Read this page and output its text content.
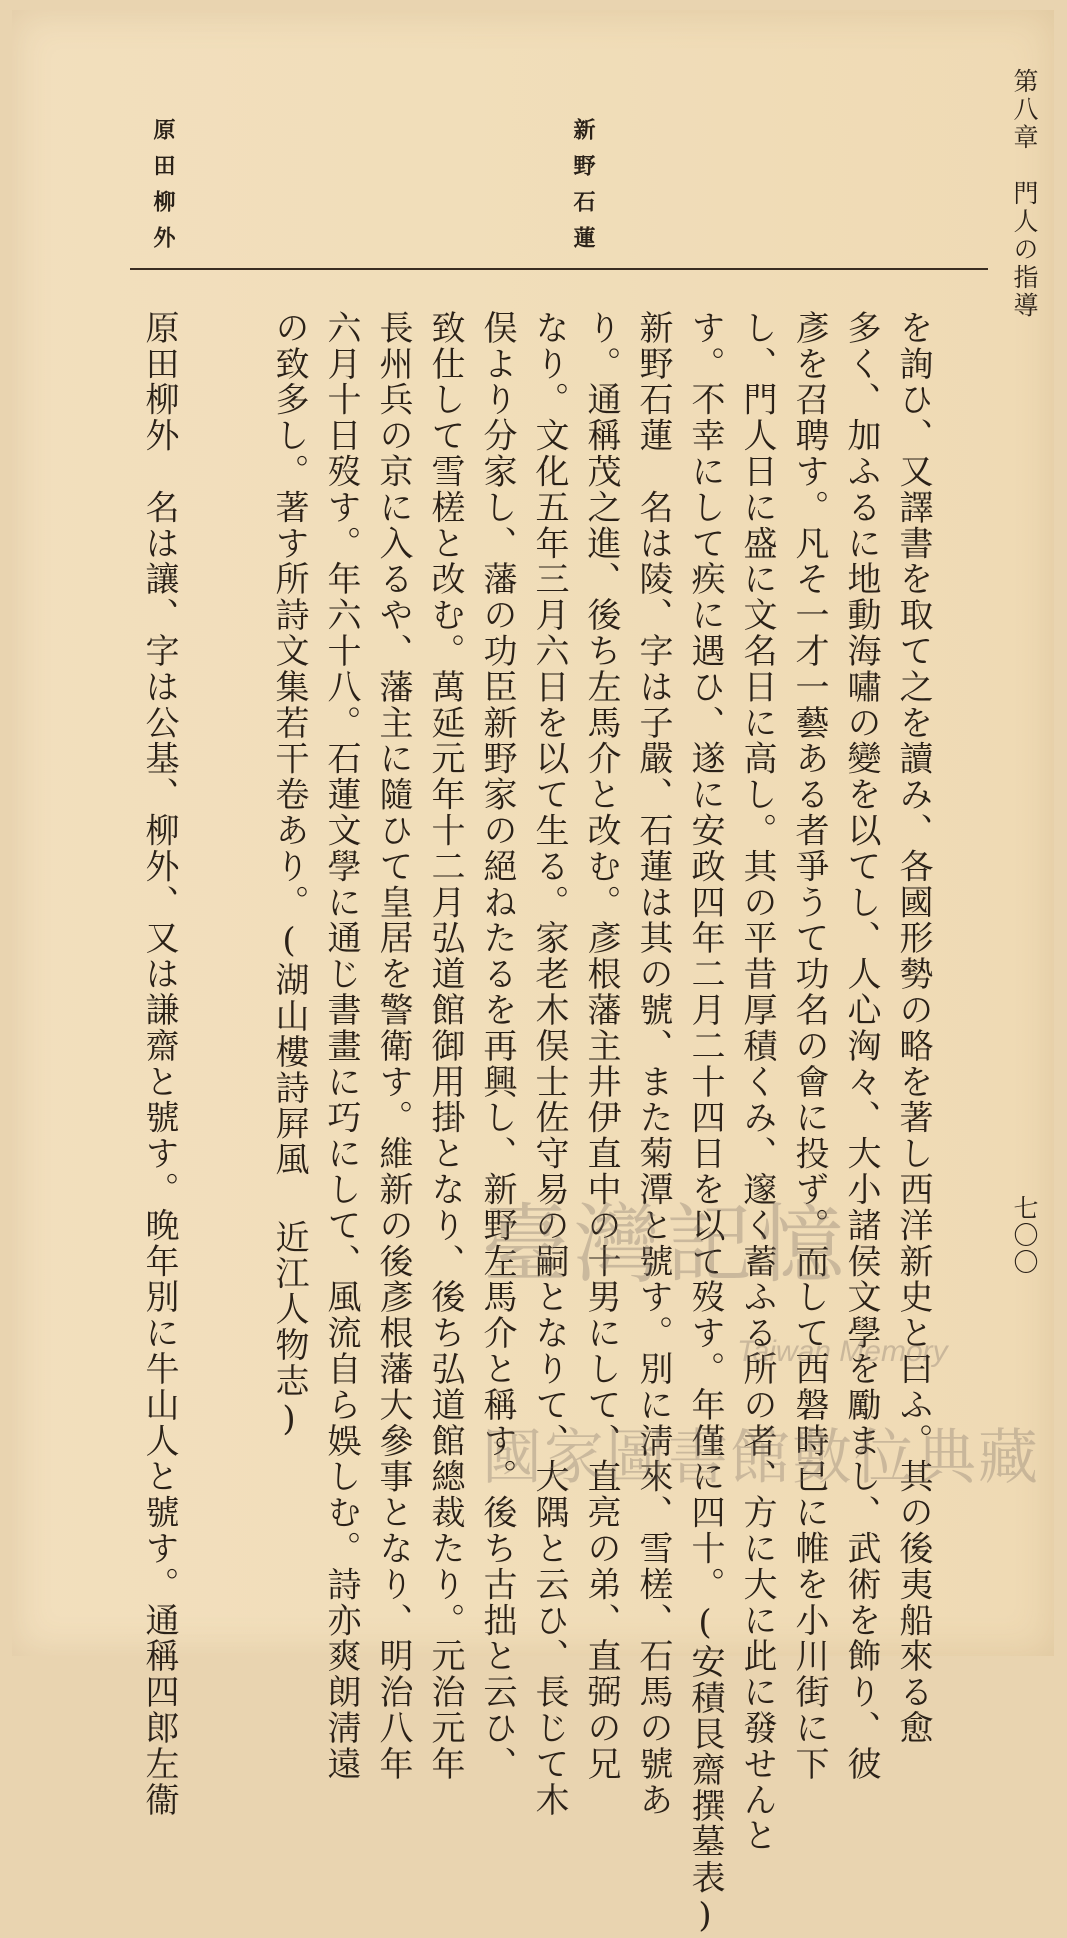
第八章　門人の指導
七〇〇
新野石蓮
原田柳外
を詢ひ、又譯書を取て之を讀み、各國形勢の略を著し西洋新史と曰ふ。其の後夷船來る愈
多く、加ふるに地動海嘯の變を以てし、人心洶々、大小諸侯文學を勵まし、武術を飾り、彼
彥を召聘す。凡そ一才一藝ある者爭うて功名の會に投ず。而して西磐時已に帷を小川街に下
し、門人日に盛に文名日に高し。其の平昔厚積くみ、邃く蓄ふる所の者、方に大に此に發せんと
す。不幸にして疾に遇ひ、遂に安政四年二月二十四日を以て歿す。年僅に四十。(安積艮齋撰墓表)
新野石蓮　名は陵、字は子嚴、石蓮は其の號、また菊潭と號す。別に淸來、雪槎、石馬の號あ
り。通稱茂之進、後ち左馬介と改む。彥根藩主井伊直中の十男にして、直亮の弟、直弼の兄
なり。文化五年三月六日を以て生る。家老木俣士佐守易の嗣となりて、大隅と云ひ、長じて木
俣より分家し、藩の功臣新野家の絕ねたるを再興し、新野左馬介と稱す。後ち古拙と云ひ、
致仕して雪槎と改む。萬延元年十二月弘道館御用掛となり、後ち弘道館總裁たり。元治元年
長州兵の京に入るや、藩主に隨ひて皇居を警衛す。維新の後彥根藩大參事となり、明治八年
六月十日歿す。年六十八。石蓮文學に通じ書畫に巧にして、風流自ら娛しむ。詩亦爽朗淸遠
の致多し。著す所詩文集若干卷あり。(湖山樓詩屛風 近江人物志)
原田柳外　名は讓、字は公基、柳外、又は謙齋と號す。晚年別に牛山人と號す。通稱四郎左衞	臺灣記憶
Taiwan Memory
國家圖書館數位典藏
